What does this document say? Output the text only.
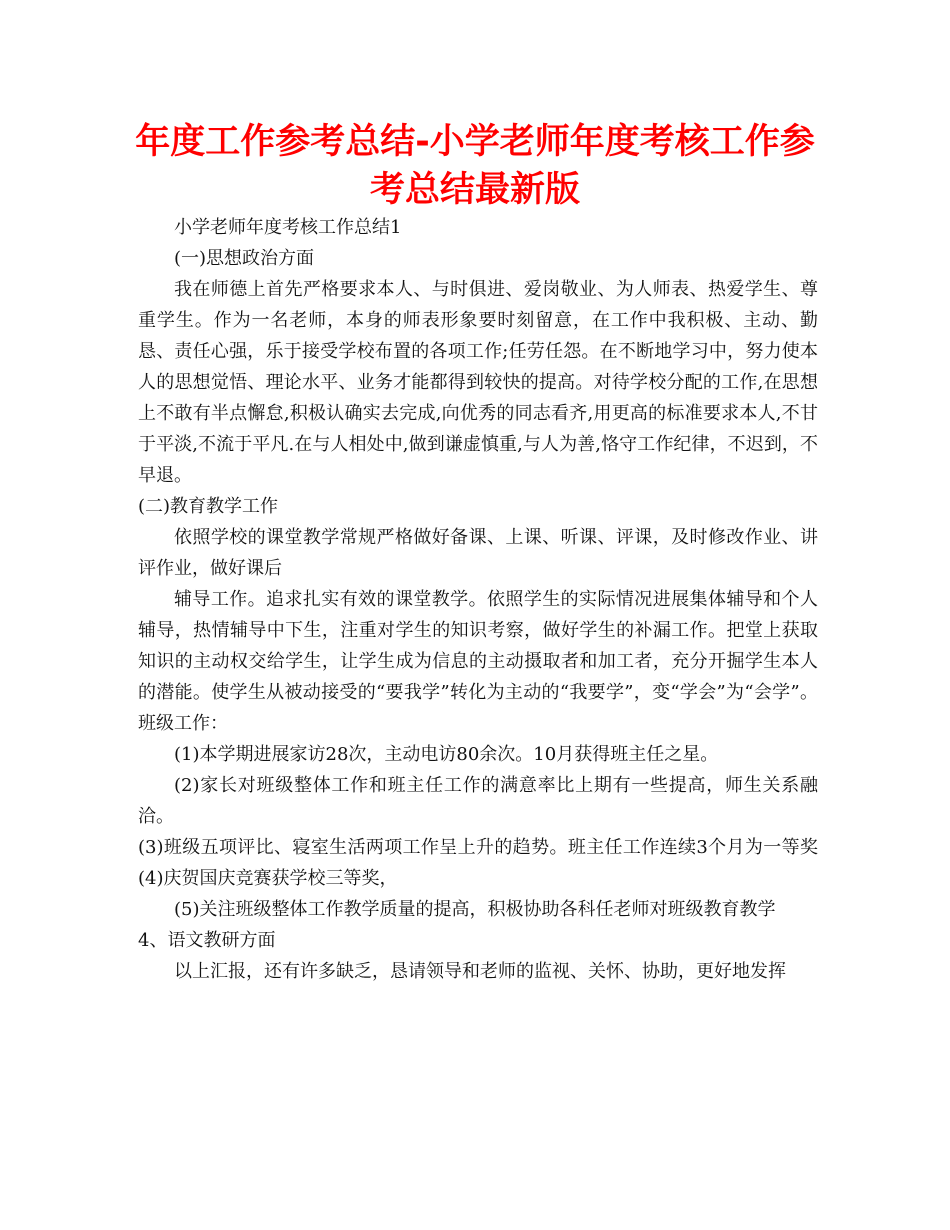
年度工作参考总结-小学老师年度考核工作参考总结最新版

小学老师年度考核工作总结1

(一)思想政治方面

我在师德上首先严格要求本人、与时俱进、爱岗敬业、为人师表、热爱学生、尊重学生。作为一名老师，本身的师表形象要时刻留意，在工作中我积极、主动、勤恳、责任心强，乐于接受学校布置的各项工作;任劳任怨。在不断地学习中，努力使本人的思想觉悟、理论水平、业务才能都得到较快的提高。对待学校分配的工作,在思想上不敢有半点懈怠,积极认确实去完成,向优秀的同志看齐,用更高的标准要求本人,不甘于平淡,不流于平凡.在与人相处中,做到谦虚慎重,与人为善,恪守工作纪律，不迟到，不早退。

(二)教育教学工作

依照学校的课堂教学常规严格做好备课、上课、听课、评课，及时修改作业、讲评作业，做好课后

辅导工作。追求扎实有效的课堂教学。依照学生的实际情况进展集体辅导和个人辅导，热情辅导中下生，注重对学生的知识考察，做好学生的补漏工作。把堂上获取知识的主动权交给学生，让学生成为信息的主动摄取者和加工者，充分开掘学生本人的潜能。使学生从被动接受的“要我学”转化为主动的“我要学”，变“学会”为“会学”。班级工作：

(1)本学期进展家访28次，主动电访80余次。10月获得班主任之星。

(2)家长对班级整体工作和班主任工作的满意率比上期有一些提高，师生关系融洽。

(3)班级五项评比、寝室生活两项工作呈上升的趋势。班主任工作连续3个月为一等奖(4)庆贺国庆竞赛获学校三等奖，

(5)关注班级整体工作教学质量的提高，积极协助各科任老师对班级教育教学

4、语文教研方面

以上汇报，还有许多缺乏，恳请领导和老师的监视、关怀、协助，更好地发挥
